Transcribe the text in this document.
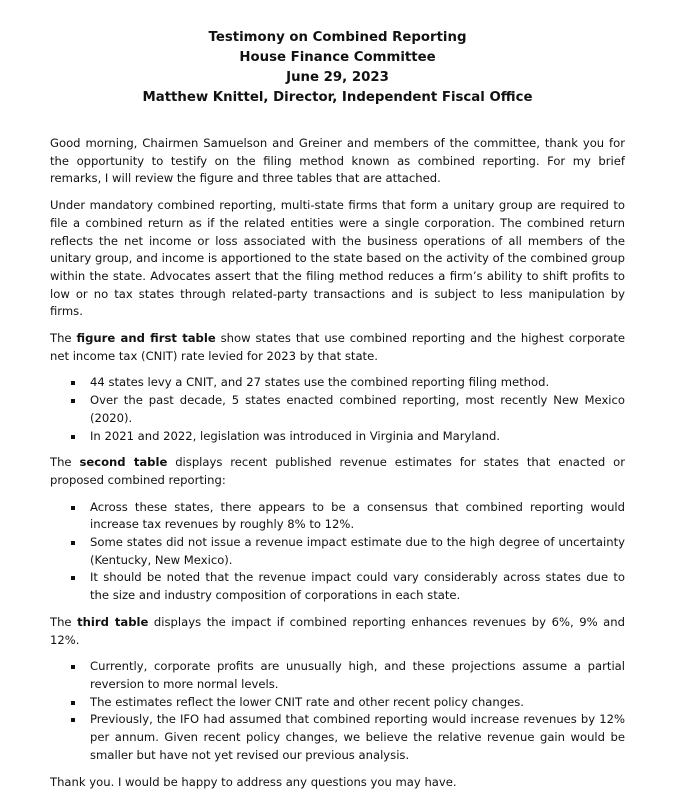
Testimony on Combined Reporting
House Finance Committee
June 29, 2023
Matthew Knittel, Director, Independent Fiscal Office

Good morning, Chairmen Samuelson and Greiner and members of the committee, thank you for the opportunity to testify on the filing method known as combined reporting. For my brief remarks, I will review the figure and three tables that are attached.

Under mandatory combined reporting, multi-state firms that form a unitary group are required to file a combined return as if the related entities were a single corporation. The combined return reflects the net income or loss associated with the business operations of all members of the unitary group, and income is apportioned to the state based on the activity of the combined group within the state. Advocates assert that the filing method reduces a firm’s ability to shift profits to low or no tax states through related-party transactions and is subject to less manipulation by firms.

The figure and first table show states that use combined reporting and the highest corporate net income tax (CNIT) rate levied for 2023 by that state.

44 states levy a CNIT, and 27 states use the combined reporting filing method.
Over the past decade, 5 states enacted combined reporting, most recently New Mexico (2020).
In 2021 and 2022, legislation was introduced in Virginia and Maryland.

The second table displays recent published revenue estimates for states that enacted or proposed combined reporting:

Across these states, there appears to be a consensus that combined reporting would increase tax revenues by roughly 8% to 12%.
Some states did not issue a revenue impact estimate due to the high degree of uncertainty (Kentucky, New Mexico).
It should be noted that the revenue impact could vary considerably across states due to the size and industry composition of corporations in each state.

The third table displays the impact if combined reporting enhances revenues by 6%, 9% and 12%.

Currently, corporate profits are unusually high, and these projections assume a partial reversion to more normal levels.
The estimates reflect the lower CNIT rate and other recent policy changes.
Previously, the IFO had assumed that combined reporting would increase revenues by 12% per annum. Given recent policy changes, we believe the relative revenue gain would be smaller but have not yet revised our previous analysis.

Thank you. I would be happy to address any questions you may have.
